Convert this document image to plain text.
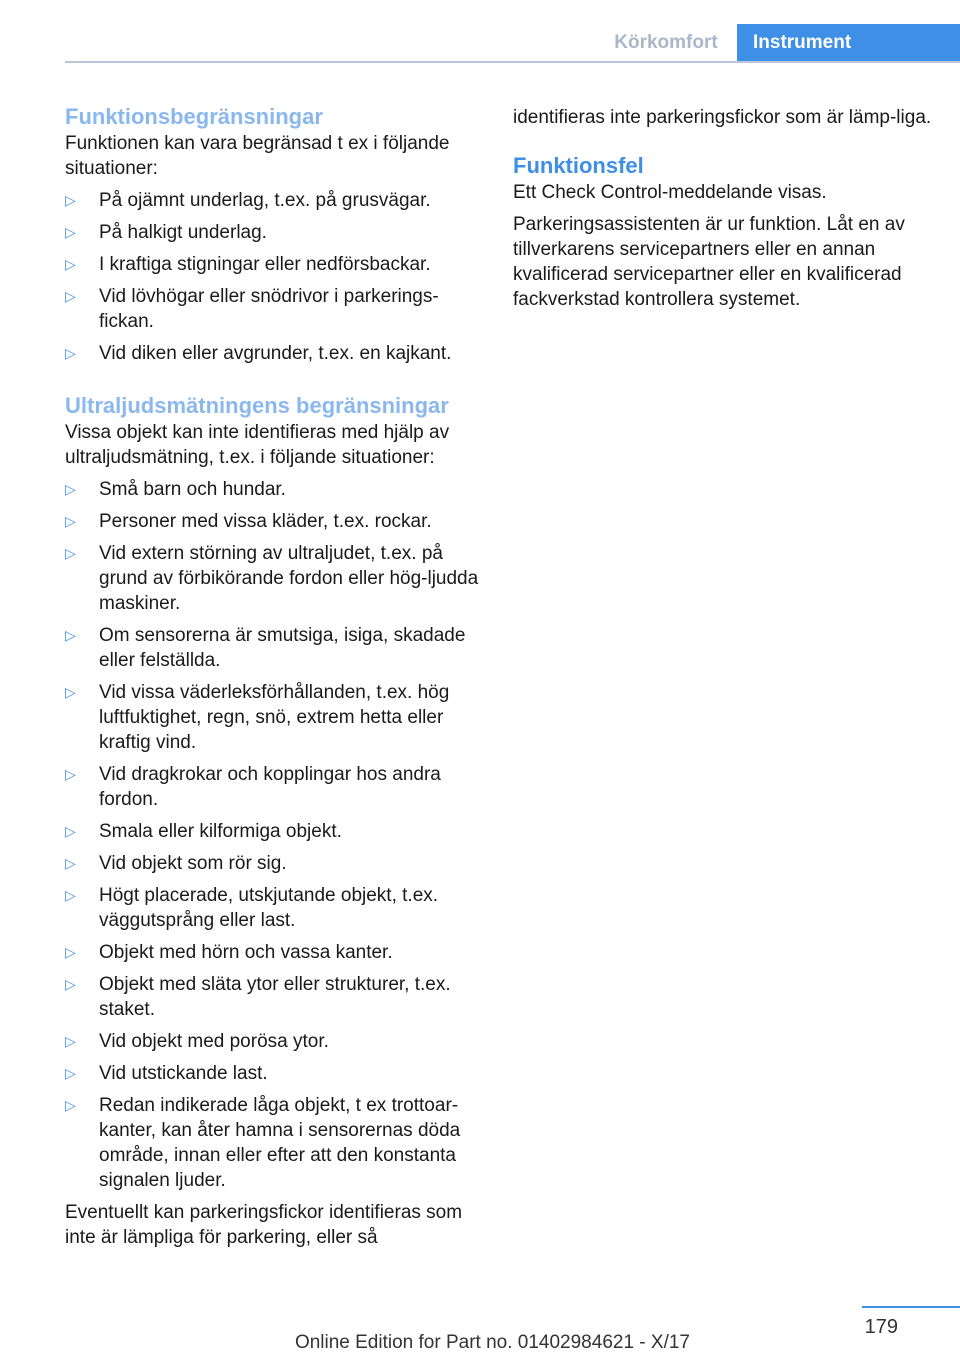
Körkomfort	Instrument
Funktionsbegränsningar

Funktionen kan vara begränsad t ex i följande situationer:

▷	På ojämnt underlag, t.ex. på grusvägar.
▷	På halkigt underlag.
▷	I kraftiga stigningar eller nedförsbackar.
▷	Vid lövhögar eller snödrivor i parkerings‐fickan.
▷	Vid diken eller avgrunder, t.ex. en kajkant.
Ultraljudsmätningens begränsningar

Vissa objekt kan inte identifieras med hjälp av ultraljudsmätning, t.ex. i följande situationer:

▷	Små barn och hundar.
▷	Personer med vissa kläder, t.ex. rockar.
▷	Vid extern störning av ultraljudet, t.ex. på grund av förbikörande fordon eller hög‐ljudda maskiner.
▷	Om sensorerna är smutsiga, isiga, skadade eller felställda.
▷	Vid vissa väderleksförhållanden, t.ex. hög luftfuktighet, regn, snö, extrem hetta eller kraftig vind.
▷	Vid dragkrokar och kopplingar hos andra fordon.
▷	Smala eller kilformiga objekt.
▷	Vid objekt som rör sig.
▷	Högt placerade, utskjutande objekt, t.ex. väggutsprång eller last.
▷	Objekt med hörn och vassa kanter.
▷	Objekt med släta ytor eller strukturer, t.ex. staket.
▷	Vid objekt med porösa ytor.
▷	Vid utstickande last.
▷	Redan indikerade låga objekt, t ex trottoar‐kanter, kan åter hamna i sensorernas döda område, innan eller efter att den konstanta signalen ljuder.

Eventuellt kan parkeringsfickor identifieras som inte är lämpliga för parkering, eller så

identifieras inte parkeringsfickor som är lämp‐liga.

Funktionsfel

Ett Check Control-meddelande visas.

Parkeringsassistenten är ur funktion. Låt en av tillverkarens servicepartners eller en annan kvalificerad servicepartner eller en kvalificerad fackverkstad kontrollera systemet.

179
Online Edition for Part no. 01402984621 - X/17
